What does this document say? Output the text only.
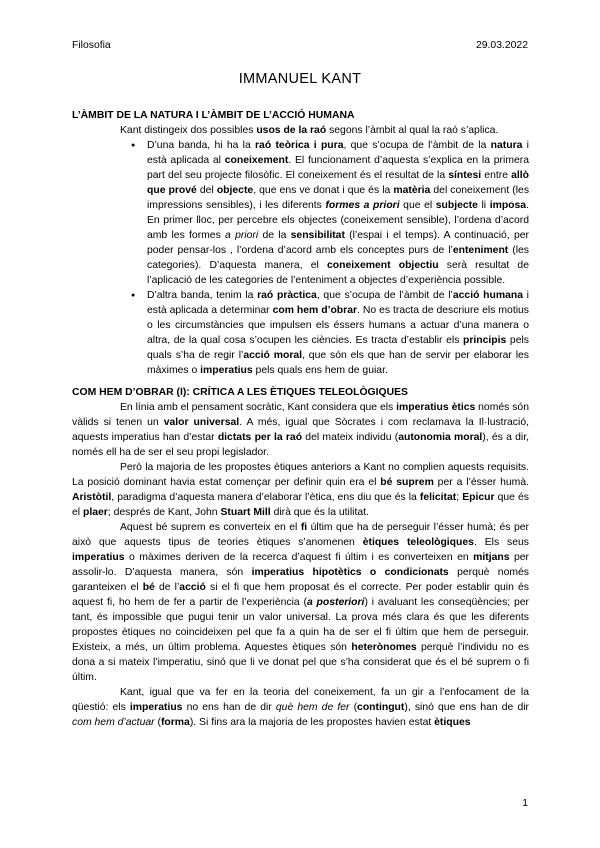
Filosofia	29.03.2022
IMMANUEL KANT
L’ÀMBIT DE LA NATURA I L’ÀMBIT DE L’ACCIÓ HUMANA

Kant distingeix dos possibles usos de la raó segons l’àmbit al qual la raó s’aplica.

● D’una banda, hi ha la raó teòrica i pura, que s’ocupa de l’àmbit de la natura i està aplicada al coneixement. El funcionament d’aquesta s’explica en la primera part del seu projecte filosòfic. El coneixement és el resultat de la síntesi entre allò que prové del objecte, que ens ve donat i que és la matèria del coneixement (les impressions sensibles), i les diferents formes a priori que el subjecte li imposa. En primer lloc, per percebre els objectes (coneixement sensible), l’ordena d’acord amb les formes a priori de la sensibilitat (l’espai i el temps). A continuació, per poder pensar-los , l’ordena d’acord amb els conceptes purs de l’enteniment (les categories). D’aquesta manera, el coneixement objectiu serà resultat de l’aplicació de les categories de l’enteniment a objectes d’experiència possible.
● D’altra banda, tenim la raó pràctica, que s’ocupa de l’àmbit de l’acció humana i està aplicada a determinar com hem d’obrar. No es tracta de descriure els motius o les circumstàncies que impulsen els éssers humans a actuar d’una manera o altra, de la qual cosa s’ocupen les ciències. Es tracta d’establir els principis pels quals s’ha de regir l’acció moral, que són els que han de servir per elaborar les màximes o imperatius pels quals ens hem de guiar.
COM HEM D’OBRAR (I): CRÍTICA A LES ÈTIQUES TELEOLÒGIQUES

En línia amb el pensament socràtic, Kant considera que els imperatius ètics només són vàlids si tenen un valor universal. A més, igual que Sòcrates i com reclamava la Il·lustració, aquests imperatius han d’estar dictats per la raó del mateix individu (autonomia moral), és a dir, només ell ha de ser el seu propi legislador.

Però la majoria de les propostes ètiques anteriors a Kant no complien aquests requisits. La posició dominant havia estat començar per definir quin era el bé suprem per a l’ésser humà. Aristòtil, paradigma d’aquesta manera d’elaborar l’ètica, ens diu que és la felicitat; Epicur que és el plaer; després de Kant, John Stuart Mill dirà que és la utilitat.

Aquest bé suprem es converteix en el fi últim que ha de perseguir l’ésser humà; és per això que aquests tipus de teories ètiques s’anomenen ètiques teleològiques. Els seus imperatius o màximes deriven de la recerca d’aquest fi últim i es converteixen en mitjans per assolir-lo. D’aquesta manera, són imperatius hipotètics o condicionats perquè només garanteixen el bé de l’acció si el fi que hem proposat és el correcte. Per poder establir quin és aquest fi, ho hem de fer a partir de l’experiència (a posteriori) i avaluant les conseqüències; per tant, és impossible que pugui tenir un valor universal. La prova més clara és que les diferents propostes ètiques no coincideixen pel que fa a quin ha de ser el fi últim que hem de perseguir. Existeix, a més, un últim problema. Aquestes ètiques són heterònomes perquè l’individu no es dona a si mateix l’imperatiu, sinó que li ve donat pel que s’ha considerat que és el bé suprem o fi últim.

Kant, igual que va fer en la teoria del coneixement, fa un gir a l’enfocament de la qüestió: els imperatius no ens han de dir què hem de fer (contingut), sinó que ens han de dir com hem d’actuar (forma). Si fins ara la majoria de les propostes havien estat ètiques

1
